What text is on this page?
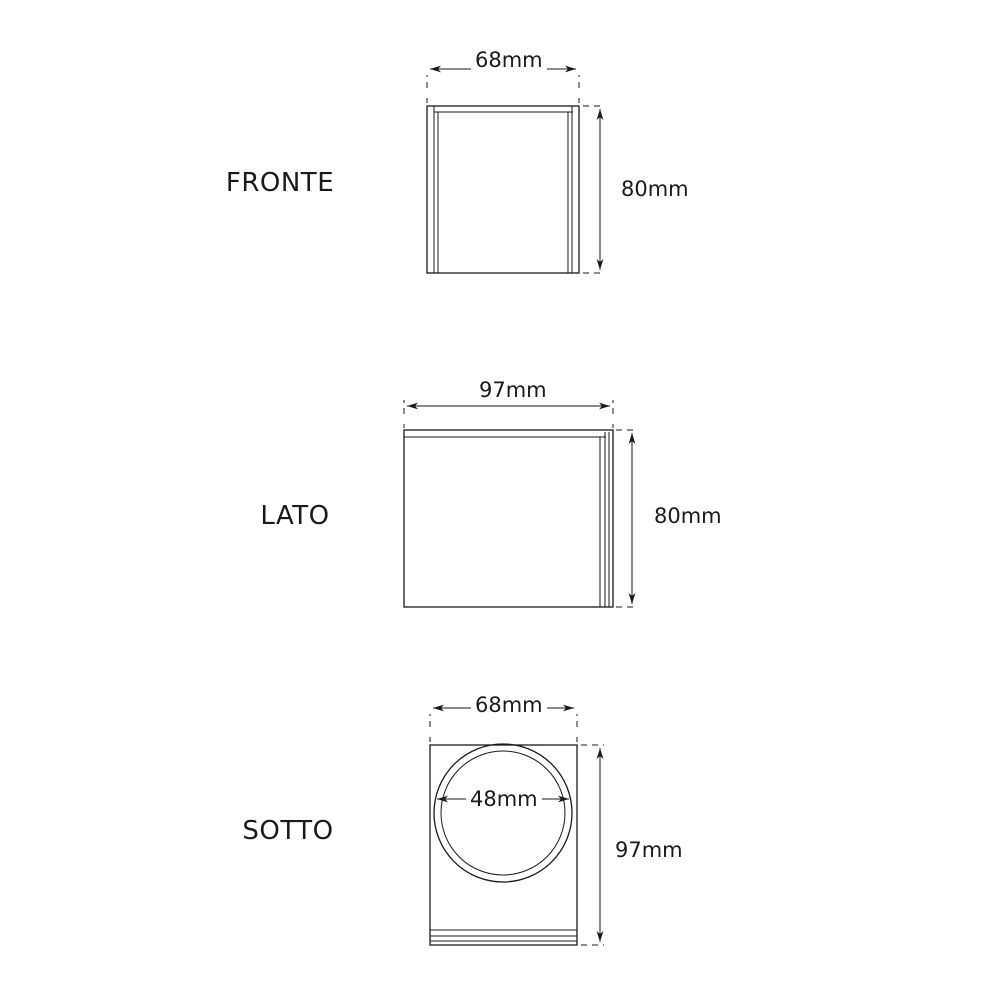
FRONTE
LATO
SOTTO
68mm
80mm
97mm
80mm
68mm
97mm
48mm
